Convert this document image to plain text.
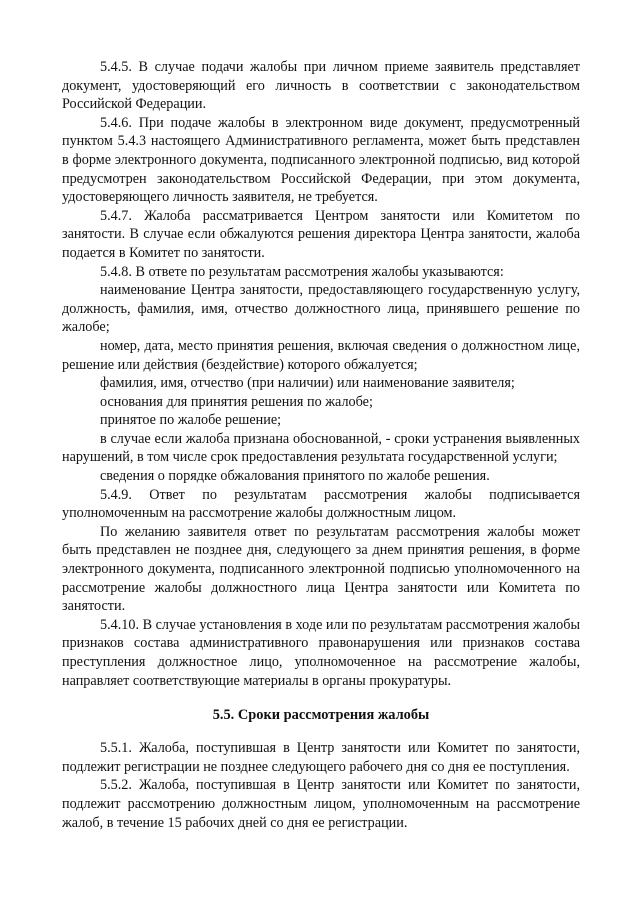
5.4.5. В случае подачи жалобы при личном приеме заявитель представляет документ, удостоверяющий его личность в соответствии с законодательством Российской Федерации.

5.4.6. При подаче жалобы в электронном виде документ, предусмотренный пунктом 5.4.3 настоящего Административного регламента, может быть представлен в форме электронного документа, подписанного электронной подписью, вид которой предусмотрен законодательством Российской Федерации, при этом документа, удостоверяющего личность заявителя, не требуется.

5.4.7. Жалоба рассматривается Центром занятости или Комитетом по занятости. В случае если обжалуются решения директора Центра занятости, жалоба подается в Комитет по занятости.

5.4.8. В ответе по результатам рассмотрения жалобы указываются:

наименование Центра занятости, предоставляющего государственную услугу, должность, фамилия, имя, отчество должностного лица, принявшего решение по жалобе;

номер, дата, место принятия решения, включая сведения о должностном лице, решение или действия (бездействие) которого обжалуется;

фамилия, имя, отчество (при наличии) или наименование заявителя;

основания для принятия решения по жалобе;

принятое по жалобе решение;

в случае если жалоба признана обоснованной, - сроки устранения выявленных нарушений, в том числе срок предоставления результата государственной услуги;

сведения о порядке обжалования принятого по жалобе решения.

5.4.9. Ответ по результатам рассмотрения жалобы подписывается уполномоченным на рассмотрение жалобы должностным лицом.

По желанию заявителя ответ по результатам рассмотрения жалобы может быть представлен не позднее дня, следующего за днем принятия решения, в форме электронного документа, подписанного электронной подписью уполномоченного на рассмотрение жалобы должностного лица Центра занятости или Комитета по занятости.

5.4.10. В случае установления в ходе или по результатам рассмотрения жалобы признаков состава административного правонарушения или признаков состава преступления должностное лицо, уполномоченное на рассмотрение жалобы, направляет соответствующие материалы в органы прокуратуры.

5.5. Сроки рассмотрения жалобы

5.5.1. Жалоба, поступившая в Центр занятости или Комитет по занятости, подлежит регистрации не позднее следующего рабочего дня со дня ее поступления.

5.5.2. Жалоба, поступившая в Центр занятости или Комитет по занятости, подлежит рассмотрению должностным лицом, уполномоченным на рассмотрение жалоб, в течение 15 рабочих дней со дня ее регистрации.
